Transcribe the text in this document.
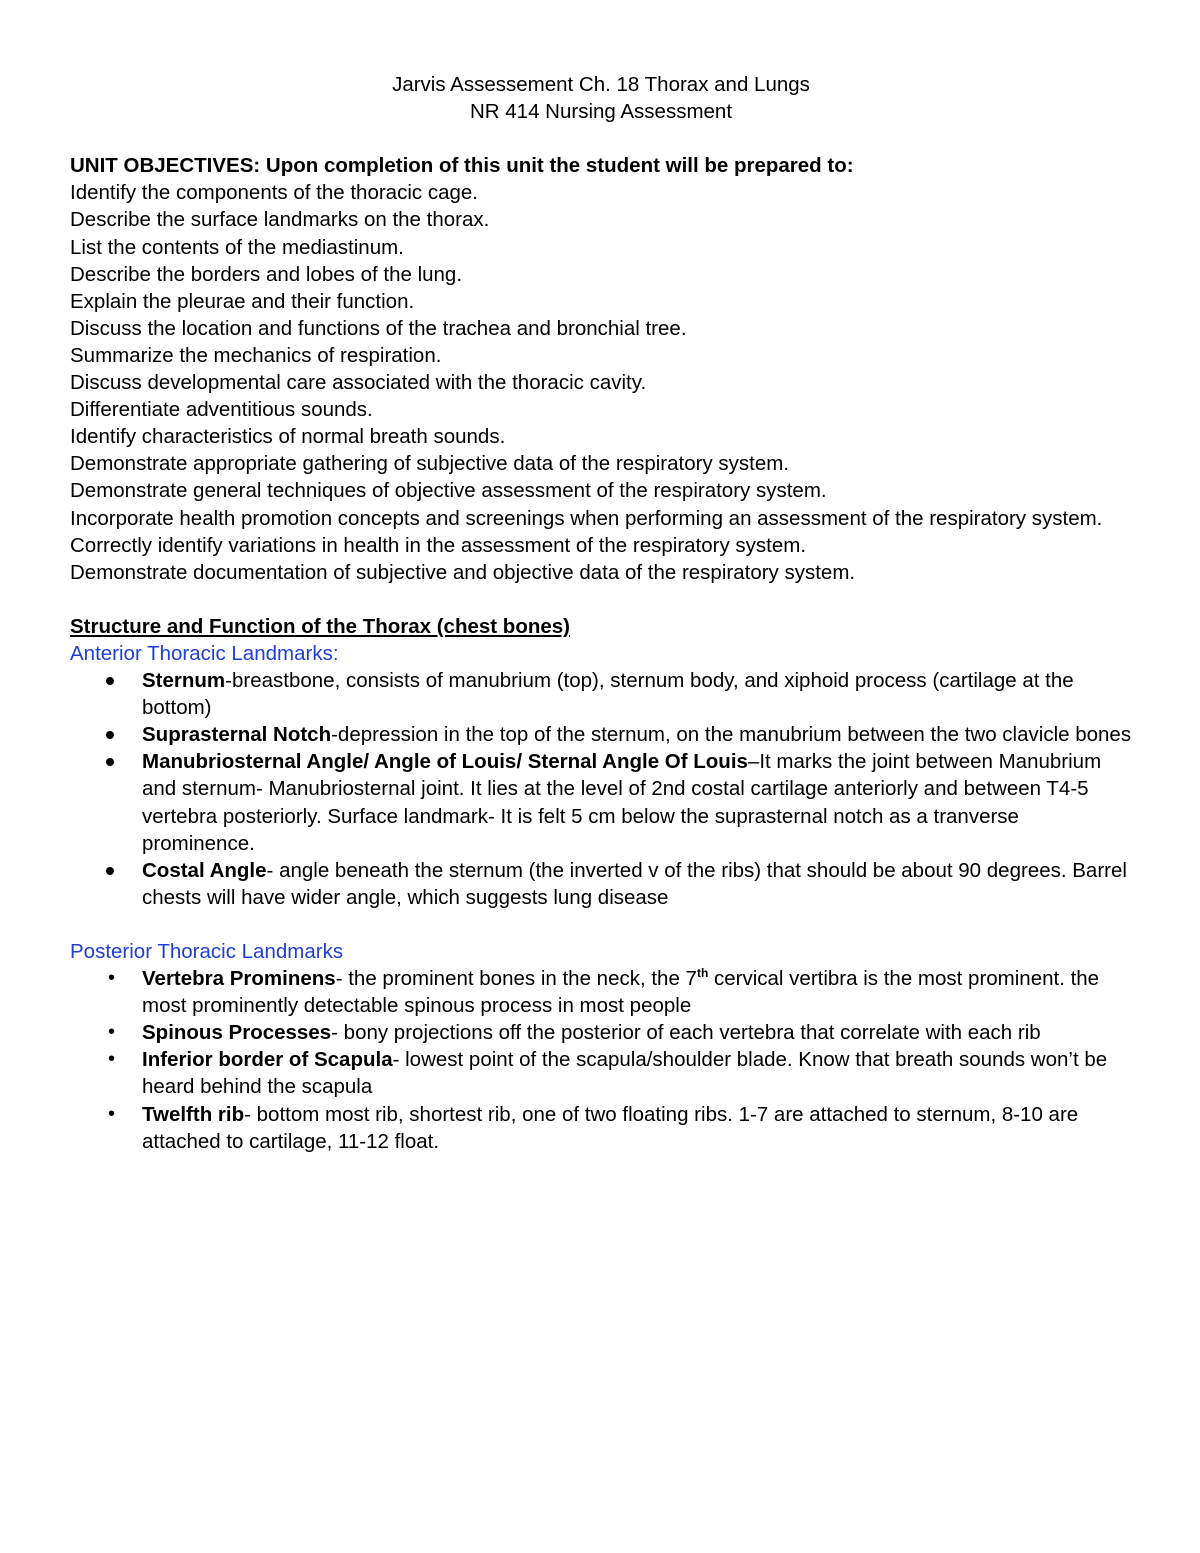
Jarvis Assessement Ch. 18 Thorax and Lungs
NR 414 Nursing Assessment
UNIT OBJECTIVES: Upon completion of this unit the student will be prepared to:
Identify the components of the thoracic cage.
Describe the surface landmarks on the thorax.
List the contents of the mediastinum.
Describe the borders and lobes of the lung.
Explain the pleurae and their function.
Discuss the location and functions of the trachea and bronchial tree.
Summarize the mechanics of respiration.
Discuss developmental care associated with the thoracic cavity.
Differentiate adventitious sounds.
Identify characteristics of normal breath sounds.
Demonstrate appropriate gathering of subjective data of the respiratory system.
Demonstrate general techniques of objective assessment of the respiratory system.
Incorporate health promotion concepts and screenings when performing an assessment of the respiratory system.
Correctly identify variations in health in the assessment of the respiratory system.
Demonstrate documentation of subjective and objective data of the respiratory system.
Structure and Function of the Thorax (chest bones)
Anterior Thoracic Landmarks:
Sternum-breastbone, consists of manubrium (top), sternum body, and xiphoid process (cartilage at the bottom)
Suprasternal Notch-depression in the top of the sternum, on the manubrium between the two clavicle bones
Manubriosternal Angle/ Angle of Louis/ Sternal Angle Of Louis–It marks the joint between Manubrium and sternum- Manubriosternal joint. It lies at the level of 2nd costal cartilage anteriorly and between T4-5 vertebra posteriorly. Surface landmark- It is felt 5 cm below the suprasternal notch as a tranverse prominence.
Costal Angle- angle beneath the sternum (the inverted v of the ribs) that should be about 90 degrees. Barrel chests will have wider angle, which suggests lung disease
Posterior Thoracic Landmarks
• Vertebra Prominens- the prominent bones in the neck, the 7th cervical vertibra is the most prominent. the most prominently detectable spinous process in most people
• Spinous Processes- bony projections off the posterior of each vertebra that correlate with each rib
• Inferior border of Scapula- lowest point of the scapula/shoulder blade. Know that breath sounds won’t be heard behind the scapula
• Twelfth rib- bottom most rib, shortest rib, one of two floating ribs. 1-7 are attached to sternum, 8-10 are attached to cartilage, 11-12 float.
